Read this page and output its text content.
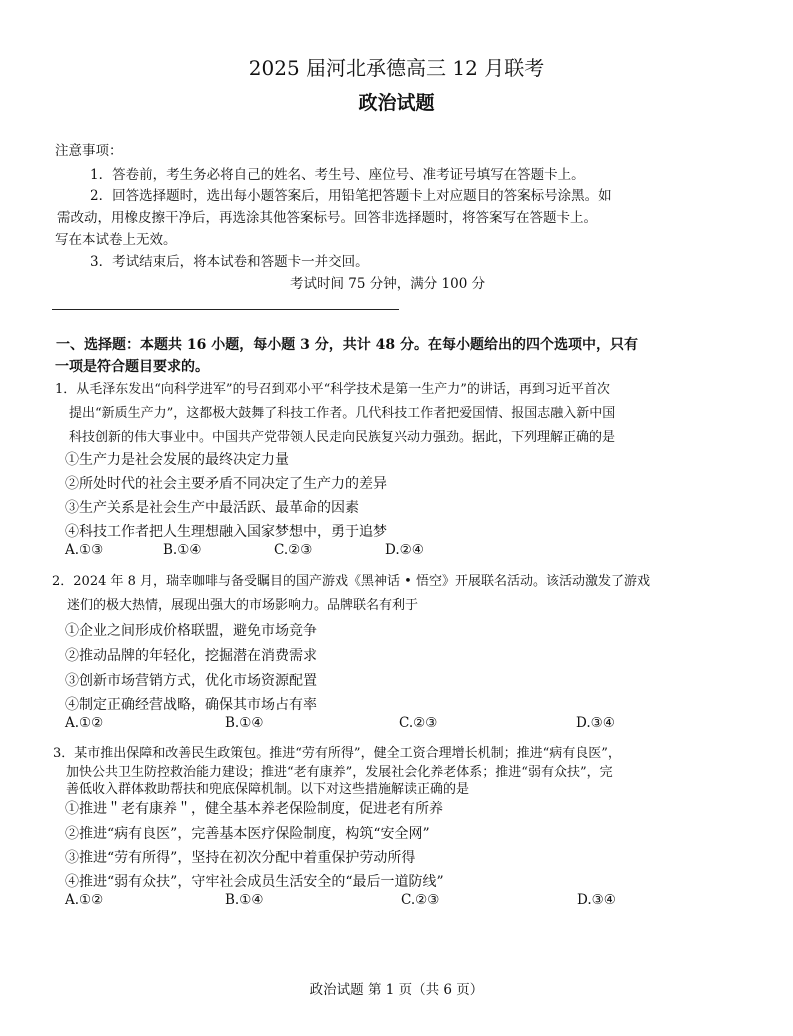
2025 届河北承德高三 12 月联考
政治试题
注意事项：
1．答卷前，考生务必将自己的姓名、考生号、座位号、准考证号填写在答题卡上。
2．回答选择题时，选出每小题答案后，用铅笔把答题卡上对应题目的答案标号涂黑。如
需改动，用橡皮擦干净后，再选涂其他答案标号。回答非选择题时，将答案写在答题卡上。
写在本试卷上无效。
3．考试结束后，将本试卷和答题卡一并交回。
考试时间 75 分钟，满分 100 分
一、选择题：本题共 16 小题，每小题 3 分，共计 48 分。在每小题给出的四个选项中，只有
一项是符合题目要求的。
1．从毛泽东发出“向科学进军”的号召到邓小平“科学技术是第一生产力”的讲话，再到习近平首次
提出“新质生产力”，这都极大鼓舞了科技工作者。几代科技工作者把爱国情、报国志融入新中国
科技创新的伟大事业中。中国共产党带领人民走向民族复兴动力强劲。据此，下列理解正确的是
①生产力是社会发展的最终决定力量
②所处时代的社会主要矛盾不同决定了生产力的差异
③生产关系是社会生产中最活跃、最革命的因素
④科技工作者把人生理想融入国家梦想中，勇于追梦
A.①③	B.①④	C.②③	D.②④
2．2024 年 8 月，瑞幸咖啡与备受瞩目的国产游戏《黑神话 • 悟空》开展联名活动。该活动激发了游戏
迷们的极大热情，展现出强大的市场影响力。品牌联名有利于
①企业之间形成价格联盟，避免市场竞争
②推动品牌的年轻化，挖掘潜在消费需求
③创新市场营销方式，优化市场资源配置
④制定正确经营战略，确保其市场占有率
A.①②	B.①④	C.②③	D.③④
3．某市推出保障和改善民生政策包。推进“劳有所得”，健全工资合理增长机制；推进“病有良医”，
加快公共卫生防控救治能力建设；推进“老有康养”，发展社会化养老体系；推进“弱有众扶”，完
善低收入群体救助帮扶和兜底保障机制。以下对这些措施解读正确的是
①推进＂老有康养＂，健全基本养老保险制度，促进老有所养
②推进“病有良医”，完善基本医疗保险制度，构筑“安全网”
③推进“劳有所得”，坚持在初次分配中着重保护劳动所得
④推进“弱有众扶”，守牢社会成员生活安全的“最后一道防线”
A.①②	B.①④	C.②③	D.③④
政治试题 第 1 页（共 6 页）
